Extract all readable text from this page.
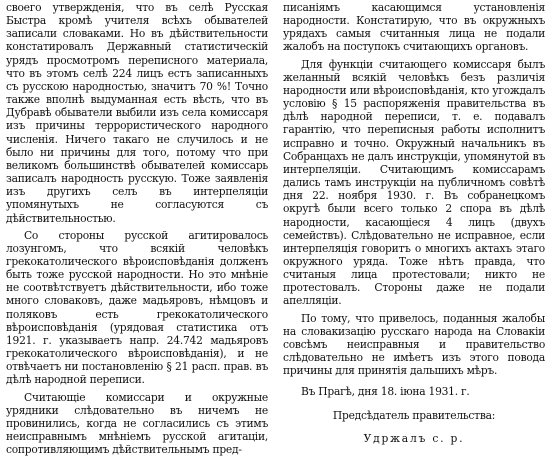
своего утвержденiя, что въ селѣ Русская Быстра кромѣ учителя всѣхъ обывателей записали словаками. Но въ дѣйствительности констатировалъ Державный статистическiй урядъ просмотромъ переписного материала, что въ этомъ селѣ 224 лицъ естъ записанныхъ съ русскою народностью, значитъ 70 %! Точно также вполнѣ выдуманная есть вѣсть, что въ Дубравѣ обыватели выбили изъ села комиссаря изъ причины террористического народного численiя. Ничего такаго не случилось и не было ни причины для того, потому что при великомъ большинствѣ обывателей комиссарь записалъ народность русскую. Тоже заявленiя изъ другихъ селъ въ интерпеляцiи упомянутыхъ не согласуются съ дѣйствительностью.

Со стороны русской агитировалось лозунгомъ, что всякiй человѣкъ грекокатолического вѣроисповѣданiя долженъ быть тоже русской народности. Но это мнѣнiе не соотвѣтствуетъ дѣйствительности, ибо тоже много словаковъ, даже мадьяровъ, нѣмцовъ и поляковъ есть грекокатолического вѣроисповѣданiя (урядовая статистика отъ 1921. г. указываетъ напр. 24.742 мадьяровъ грекокатолического вѣроисповѣданiя), и не отвѣчаетъ ни постановленiю § 21 расп. прав. въ дѣлѣ народной переписи.

Считающiе комиссари и окружные урядники слѣдовательно въ ничемъ не провинились, когда не согласились съ этимъ неисправнымъ мнѣнiемъ русской агитацiи, сопротивляющимъ дѣйствительнымъ пред-

писанiямъ касающимся установленiя народности. Констатирую, что въ окружныхъ урядахъ самыя считанныя лица не подали жалобъ на поступокъ считающихъ органовъ.

Для функцiи считающего комиссаря былъ желанный всякiй человѣкъ безъ различiя народности или вѣроисповѣданiя, кто угождалъ условiю § 15 распоряженiя правительства въ дѣлѣ народной переписи, т. е. подавалъ гарантiю, что переписныя работы исполнитъ исправно и точно. Окружный начальникъ въ Собранцахъ не далъ инструкцiи, упомянутой въ интерпеляцiи. Считающимъ комиссарамъ дались тамъ инструкцiи на публичномъ совѣтѣ дня 22. ноября 1930. г. Въ собранецкомъ округѣ были всего только 2 спора въ дѣлѣ народности, касающiеся 4 лицъ (двухъ семействъ). Слѣдовательно не исправное, если интерпеляцiя говоритъ о многихъ актахъ этаго окружного уряда. Тоже нѣтъ правда, что считаныя лица протестовали; никто не протестовалъ. Стороны даже не подали апелляцiи.

По тому, что привелось, поданныя жалобы на словакизацiю русскаго народа на Словакiи совсѣмъ неисправныя и правительство слѣдовательно не имѣетъ изъ этого повода причины для принятiя дальшихъ мѣръ.

Въ Прагѣ, дня 18. iюна 1931. г.

Предсѣдатель правительства:

Удржалъ с. р.
